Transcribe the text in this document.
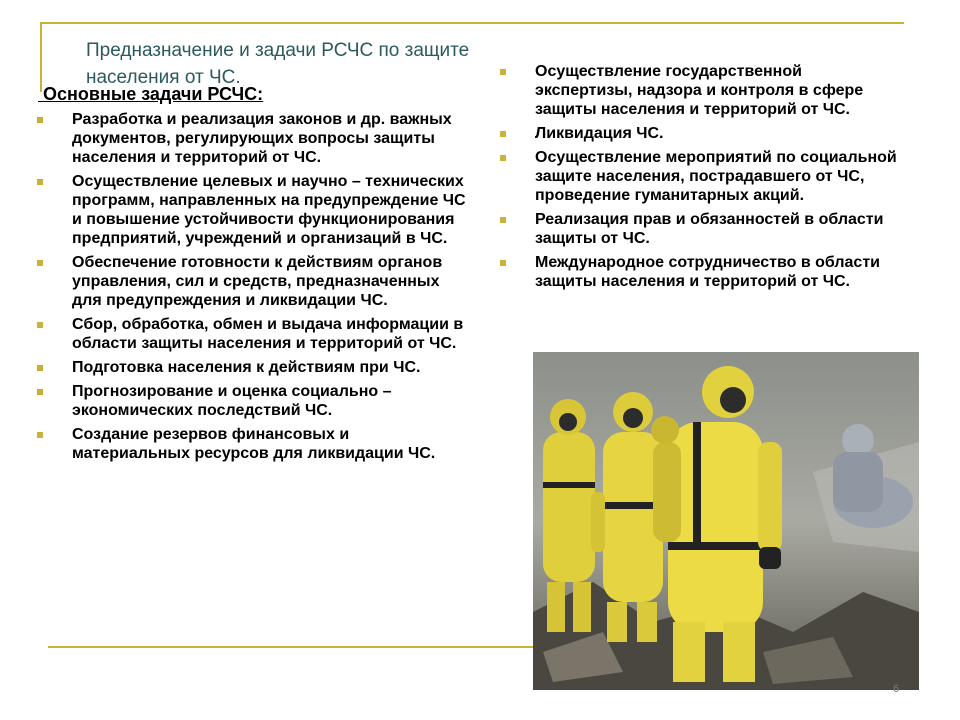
Предназначение и задачи РСЧС по защите населения от ЧС.

Основные задачи РСЧС:

Разработка и реализация законов и др. важных документов, регулирующих вопросы защиты населения и территорий от ЧС.
Осуществление целевых и научно – технических программ, направленных на предупреждение ЧС и повышение устойчивости функционирования предприятий, учреждений и организаций в ЧС.
Обеспечение готовности к действиям органов управления, сил и средств, предназначенных для предупреждения и ликвидации ЧС.
Сбор, обработка, обмен и выдача информации в области защиты населения и территорий от ЧС.
Подготовка населения к действиям при ЧС.
Прогнозирование и оценка социально – экономических последствий ЧС.
Создание резервов финансовых и материальных ресурсов для ликвидации ЧС.
Осуществление государственной экспертизы, надзора и контроля в сфере защиты населения и территорий от ЧС.
Ликвидация ЧС.
Осуществление мероприятий по социальной защите населения, пострадавшего от ЧС, проведение гуманитарных акций.
Реализация прав и обязанностей в области защиты от ЧС.
Международное сотрудничество в области защиты населения и территорий от ЧС.
6
